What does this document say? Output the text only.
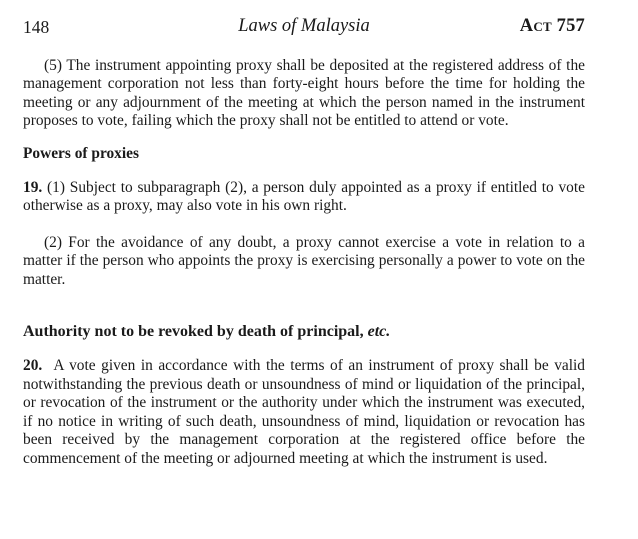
148	Laws of Malaysia	Act 757

(5) The instrument appointing proxy shall be deposited at the registered address of the management corporation not less than forty-eight hours before the time for holding the meeting or any adjournment of the meeting at which the person named in the instrument proposes to vote, failing which the proxy shall not be entitled to attend or vote.

Powers of proxies

19. (1) Subject to subparagraph (2), a person duly appointed as a proxy if entitled to vote otherwise as a proxy, may also vote in his own right.

(2) For the avoidance of any doubt, a proxy cannot exercise a vote in relation to a matter if the person who appoints the proxy is exercising personally a power to vote on the matter.

Authority not to be revoked by death of principal, etc.

20. A vote given in accordance with the terms of an instrument of proxy shall be valid notwithstanding the previous death or unsoundness of mind or liquidation of the principal, or revocation of the instrument or the authority under which the instrument was executed, if no notice in writing of such death, unsoundness of mind, liquidation or revocation has been received by the management corporation at the registered office before the commencement of the meeting or adjourned meeting at which the instrument is used.
